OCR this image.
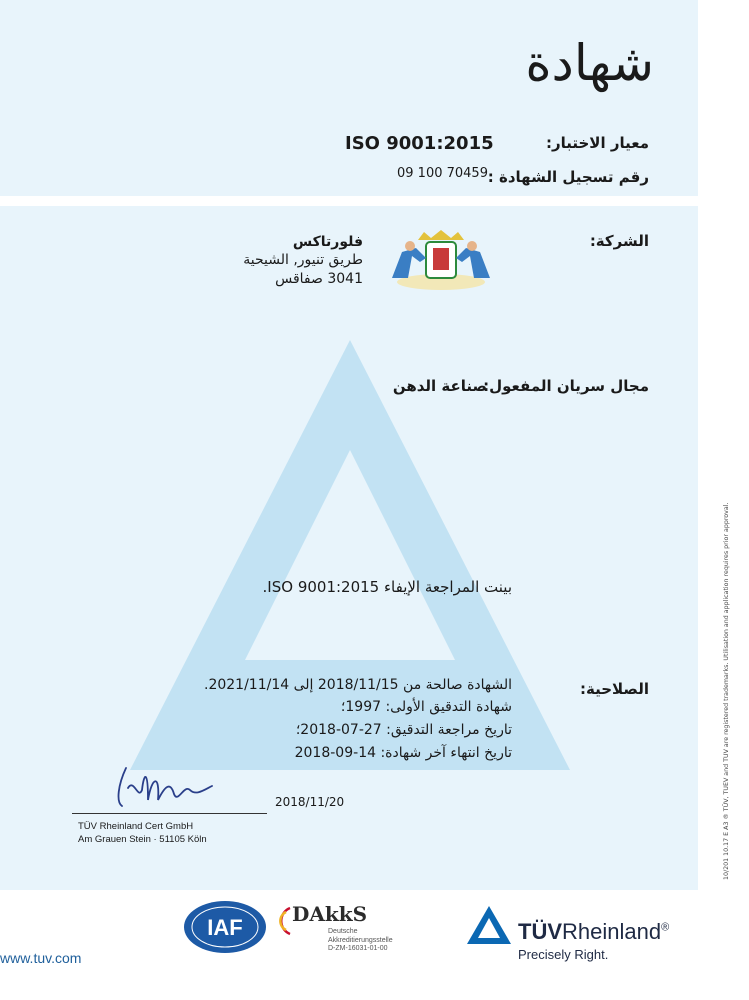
شهادة
معيار الاختبار:
ISO 9001:2015
رقم تسجيل الشهادة :
09 100 70459
الشركة:
فلورتاكس
طريق تنيور, الشيحية
3041 صفاقس
مجال سريان المفعول:
صناعة الدهن
بينت المراجعة الإيفاء ISO 9001:2015.
الصلاحية:
الشهادة صالحة من 2018/11/15 إلى 2021/11/14.
شهادة التدقيق الأولى: 1997؛
تاريخ مراجعة التدقيق: 27-07-2018؛
تاريخ انتهاء آخر شهادة: 14-09-2018
2018/11/20
TÜV Rheinland Cert GmbH
Am Grauen Stein · 51105 Köln	10/201 10.17 E A3 ® TÜV, TUEV and TUV are registered trademarks. Utilisation and application requires prior approval.
www.tuv.com
IAF
DAkkS
Deutsche
Akkreditierungsstelle
D-ZM-16031-01-00
TÜVRheinland®
Precisely Right.
